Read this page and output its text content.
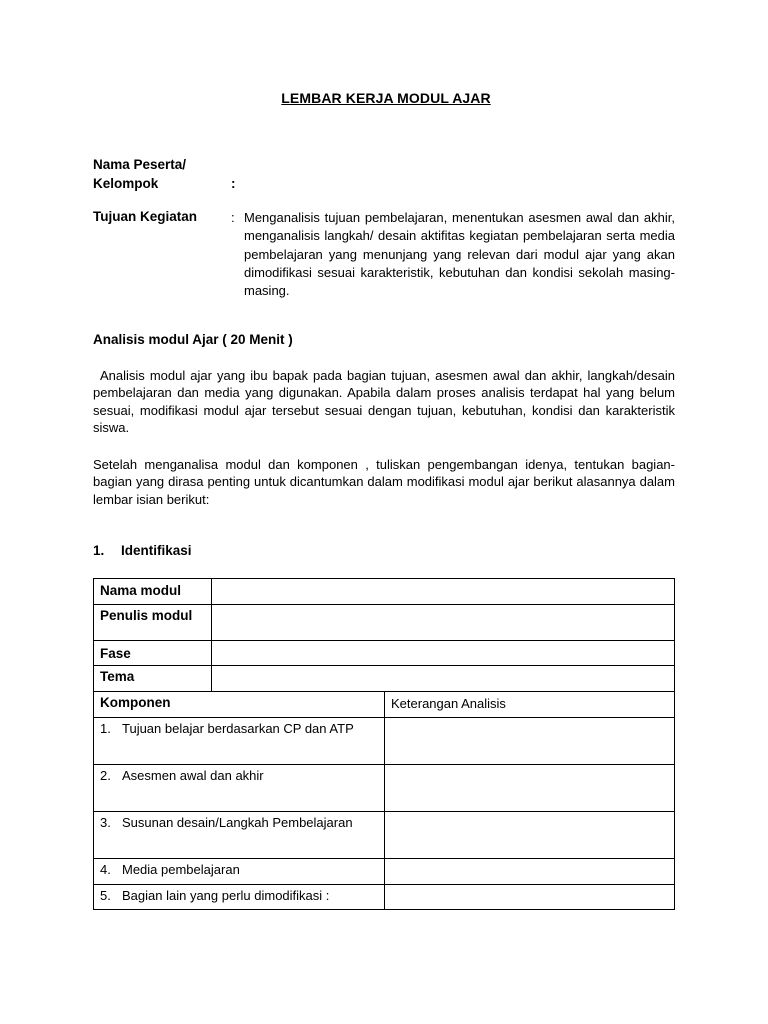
LEMBAR KERJA MODUL AJAR
Nama Peserta/
Kelompok	:
Tujuan Kegiatan	: Menganalisis tujuan pembelajaran, menentukan asesmen awal dan akhir, menganalisis langkah/ desain aktifitas kegiatan pembelajaran serta media pembelajaran yang menunjang yang relevan dari modul ajar yang akan dimodifikasi sesuai karakteristik, kebutuhan dan kondisi sekolah masing-masing.
Analisis modul Ajar ( 20 Menit )
Analisis modul ajar yang ibu bapak pada bagian tujuan, asesmen awal dan akhir, langkah/desain pembelajaran dan media yang digunakan. Apabila dalam proses analisis terdapat hal yang belum sesuai, modifikasi modul ajar tersebut sesuai dengan tujuan, kebutuhan, kondisi dan karakteristik siswa.
Setelah menganalisa modul dan komponen , tuliskan pengembangan idenya, tentukan bagian-bagian yang dirasa penting untuk dicantumkan dalam modifikasi modul ajar berikut alasannya dalam lembar isian berikut:
1. Identifikasi
Nama modul	
Penulis modul	
Fase	
Tema	
Komponen	Keterangan Analisis
1. Tujuan belajar berdasarkan CP dan ATP	
2. Asesmen awal dan akhir	
3. Susunan desain/Langkah Pembelajaran	
4. Media pembelajaran	
5. Bagian lain yang perlu dimodifikasi :	
